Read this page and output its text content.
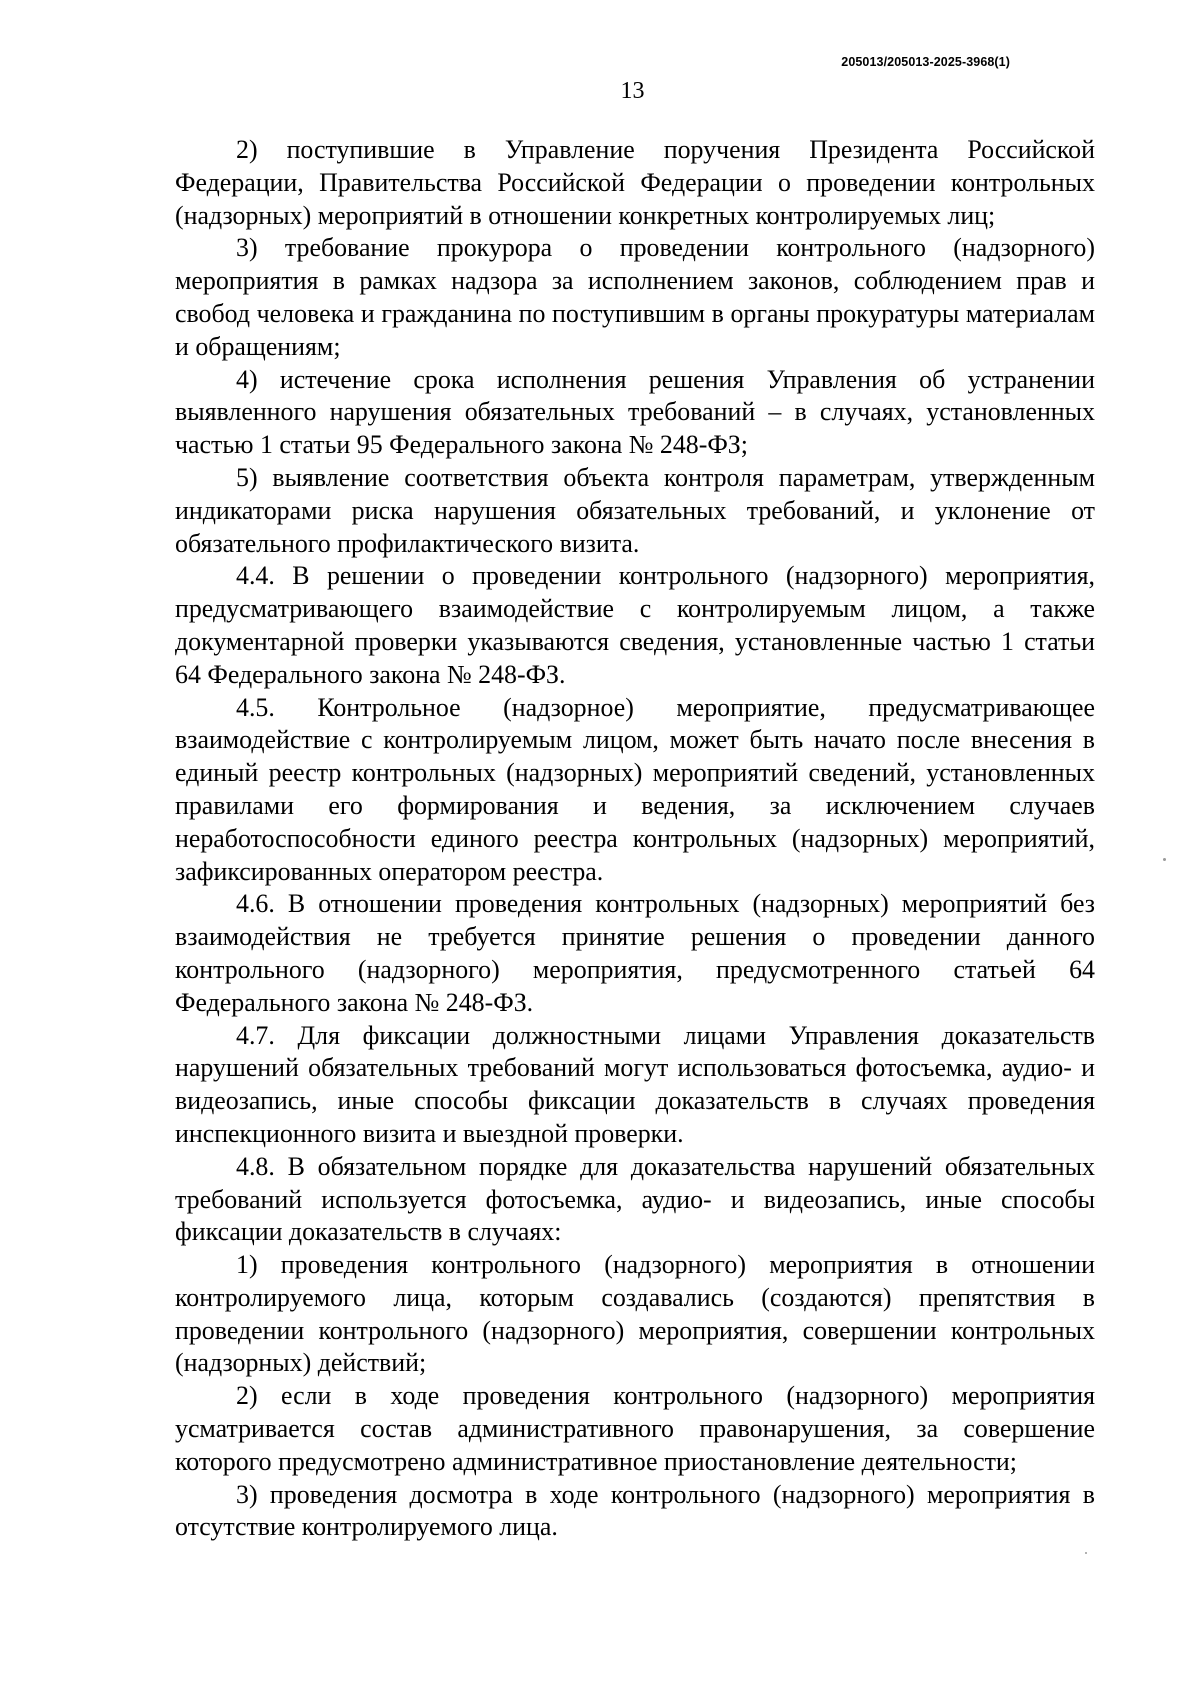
205013/205013-2025-3968(1)
13

2) поступившие в Управление поручения Президента Российской Федерации, Правительства Российской Федерации о проведении контрольных (надзорных) мероприятий в отношении конкретных контролируемых лиц;

3) требование прокурора о проведении контрольного (надзорного) мероприятия в рамках надзора за исполнением законов, соблюдением прав и свобод человека и гражданина по поступившим в органы прокуратуры материалам и обращениям;

4) истечение срока исполнения решения Управления об устранении выявленного нарушения обязательных требований – в случаях, установленных частью 1 статьи 95 Федерального закона № 248-ФЗ;

5) выявление соответствия объекта контроля параметрам, утвержденным индикаторами риска нарушения обязательных требований, и уклонение от обязательного профилактического визита.

4.4. В решении о проведении контрольного (надзорного) мероприятия, предусматривающего взаимодействие с контролируемым лицом, а также документарной проверки указываются сведения, установленные частью 1 статьи 64 Федерального закона № 248-ФЗ.

4.5. Контрольное (надзорное) мероприятие, предусматривающее взаимодействие с контролируемым лицом, может быть начато после внесения в единый реестр контрольных (надзорных) мероприятий сведений, установленных правилами его формирования и ведения, за исключением случаев неработоспособности единого реестра контрольных (надзорных) мероприятий, зафиксированных оператором реестра.

4.6. В отношении проведения контрольных (надзорных) мероприятий без взаимодействия не требуется принятие решения о проведении данного контрольного (надзорного) мероприятия, предусмотренного статьей 64 Федерального закона № 248-ФЗ.

4.7. Для фиксации должностными лицами Управления доказательств нарушений обязательных требований могут использоваться фотосъемка, аудио- и видеозапись, иные способы фиксации доказательств в случаях проведения инспекционного визита и выездной проверки.

4.8. В обязательном порядке для доказательства нарушений обязательных требований используется фотосъемка, аудио- и видеозапись, иные способы фиксации доказательств в случаях:

1) проведения контрольного (надзорного) мероприятия в отношении контролируемого лица, которым создавались (создаются) препятствия в проведении контрольного (надзорного) мероприятия, совершении контрольных (надзорных) действий;

2) если в ходе проведения контрольного (надзорного) мероприятия усматривается состав административного правонарушения, за совершение которого предусмотрено административное приостановление деятельности;

3) проведения досмотра в ходе контрольного (надзорного) мероприятия в отсутствие контролируемого лица.
